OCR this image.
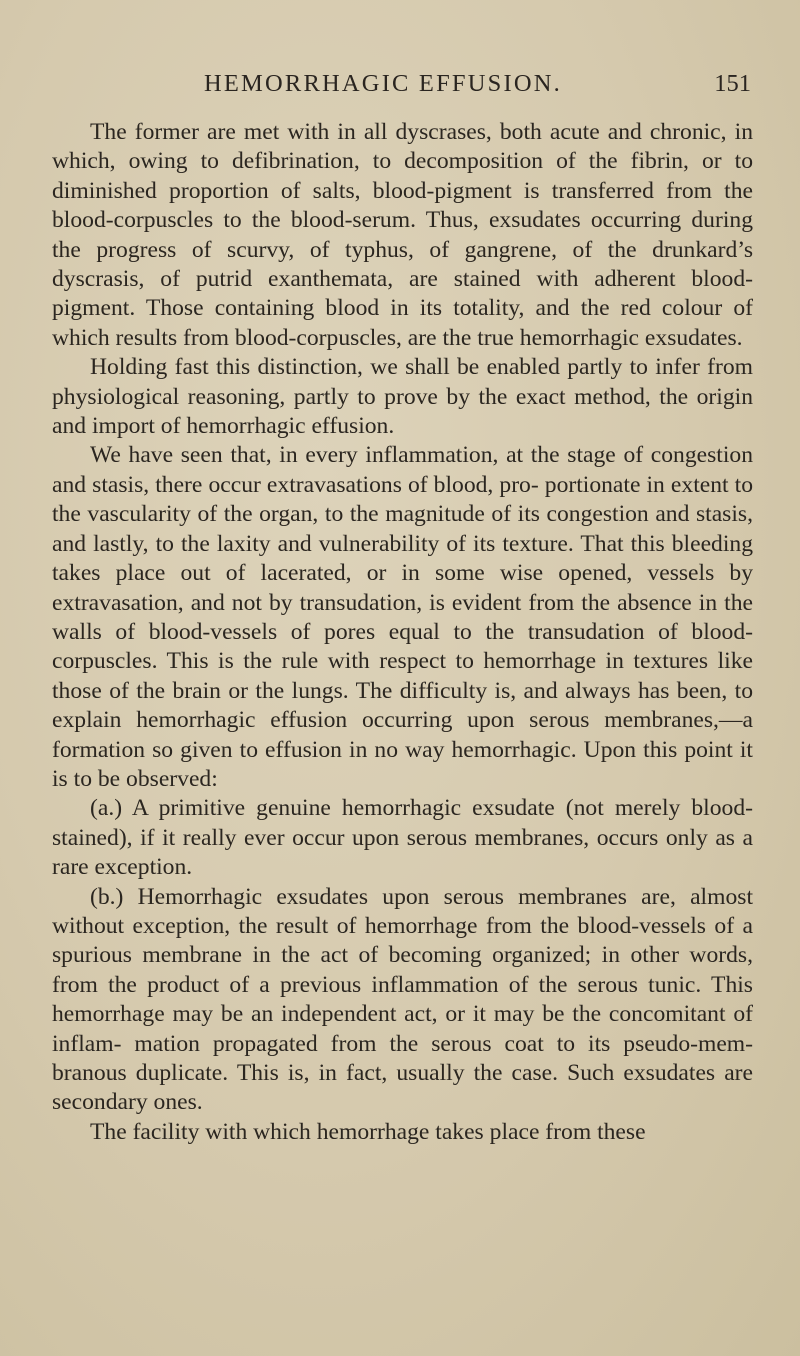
HEMORRHAGIC EFFUSION.	151

The former are met with in all dyscrases, both acute and chronic, in which, owing to defibrination, to decomposition of the fibrin, or to diminished proportion of salts, blood-pigment is transferred from the blood-corpuscles to the blood-serum. Thus, exsudates occurring during the progress of scurvy, of typhus, of gangrene, of the drunkard’s dyscrasis, of putrid exanthemata, are stained with adherent blood-pigment. Those containing blood in its totality, and the red colour of which results from blood-corpuscles, are the true hemorrhagic exsudates.

Holding fast this distinction, we shall be enabled partly to infer from physiological reasoning, partly to prove by the exact method, the origin and import of hemorrhagic effusion.

We have seen that, in every inflammation, at the stage of congestion and stasis, there occur extravasations of blood, pro- portionate in extent to the vascularity of the organ, to the magnitude of its congestion and stasis, and lastly, to the laxity and vulnerability of its texture. That this bleeding takes place out of lacerated, or in some wise opened, vessels by extravasation, and not by transudation, is evident from the absence in the walls of blood-vessels of pores equal to the transudation of blood-corpuscles. This is the rule with respect to hemorrhage in textures like those of the brain or the lungs. The difficulty is, and always has been, to explain hemorrhagic effusion occurring upon serous membranes,—a formation so given to effusion in no way hemorrhagic. Upon this point it is to be observed:

(a.) A primitive genuine hemorrhagic exsudate (not merely blood-stained), if it really ever occur upon serous membranes, occurs only as a rare exception.

(b.) Hemorrhagic exsudates upon serous membranes are, almost without exception, the result of hemorrhage from the blood-vessels of a spurious membrane in the act of becoming organized; in other words, from the product of a previous inflammation of the serous tunic. This hemorrhage may be an independent act, or it may be the concomitant of inflam- mation propagated from the serous coat to its pseudo-mem- branous duplicate. This is, in fact, usually the case. Such exsudates are secondary ones.

The facility with which hemorrhage takes place from these
